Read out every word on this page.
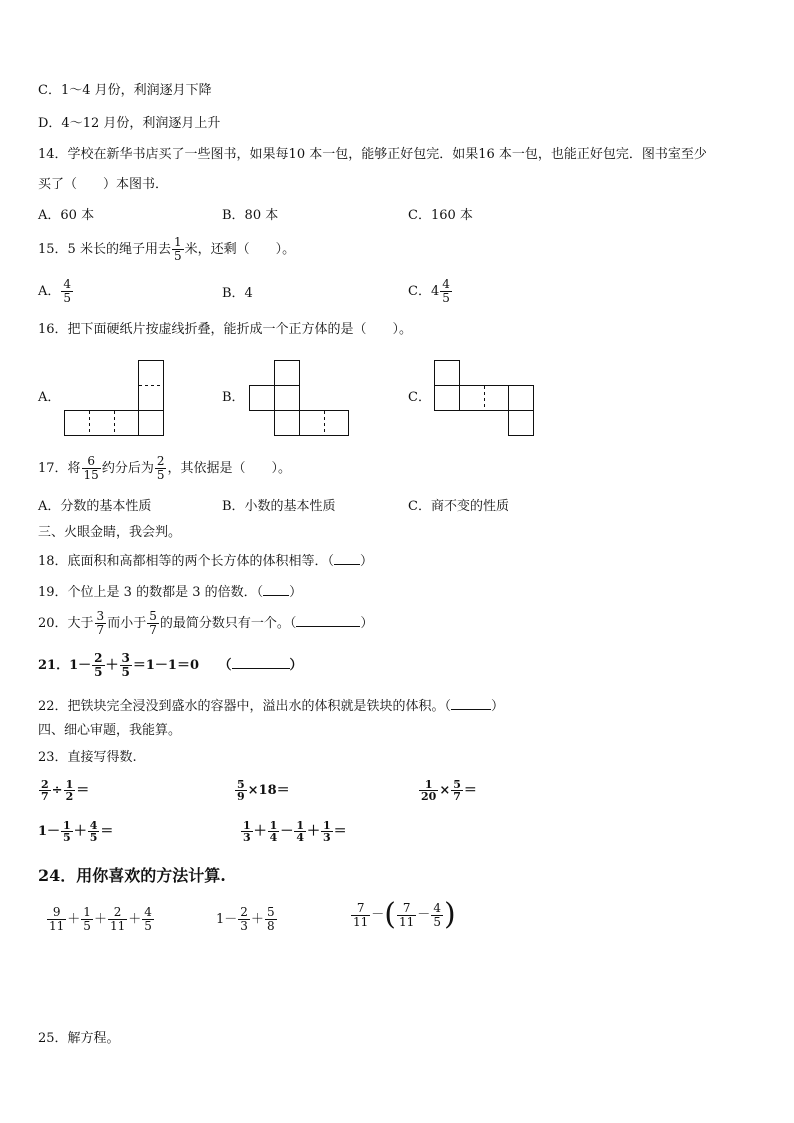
C．1～4 月份，利润逐月下降
D．4～12 月份，利润逐月上升
14．学校在新华书店买了一些图书，如果每10 本一包，能够正好包完．如果16 本一包，也能正好包完．图书室至少
买了（　　）本图书．
A．60 本	B．80 本	C．160 本
15．5 米长的绳子用去 $\frac{1}{5}$ 米，还剩（　　）。
A． $\frac{4}{5}$	B．4	C．$4 \frac{4}{5}$
16．把下面硬纸片按虚线折叠，能折成一个正方体的是（　　）。
A．	B．	C．
17．将 $\frac{6}{15}$ 约分后为 $\frac{2}{5}$ ，其依据是（　　）。
A．分数的基本性质	B．小数的基本性质	C．商不变的性质
三、火眼金睛，我会判。
18．底面积和高都相等的两个长方体的体积相等．（ ）
19．个位上是 3 的数都是 3 的倍数．（ ）
20．大于 $\frac{3}{7}$ 而小于 $\frac{5}{7}$ 的最简分数只有一个。（	）
21．$1- \frac{2}{5} + \frac{3}{5} =1-1=0$　　（	）
22．把铁块完全浸没到盛水的容器中，溢出水的体积就是铁块的体积。（	）
四、细心审题，我能算。
23．直接写得数.
$\frac{2}{7} \div \frac{1}{2}$ ＝	$\frac{5}{9} \times 18=$	$\frac{1}{20} \times \frac{5}{7}$ ＝
$1- \frac{1}{5} + \frac{4}{5}$ ＝	$\frac{1}{3} + \frac{1}{4} - \frac{1}{4} + \frac{1}{3}$ ＝
24．用你喜欢的方法计算.
$\frac{9}{11} + \frac{1}{5} + \frac{2}{11} + \frac{4}{5}$	$1- \frac{2}{3} + \frac{5}{8}$	$\frac{7}{11}$ －( $\frac{7}{11} - \frac{4}{5}$ )
25．解方程。
